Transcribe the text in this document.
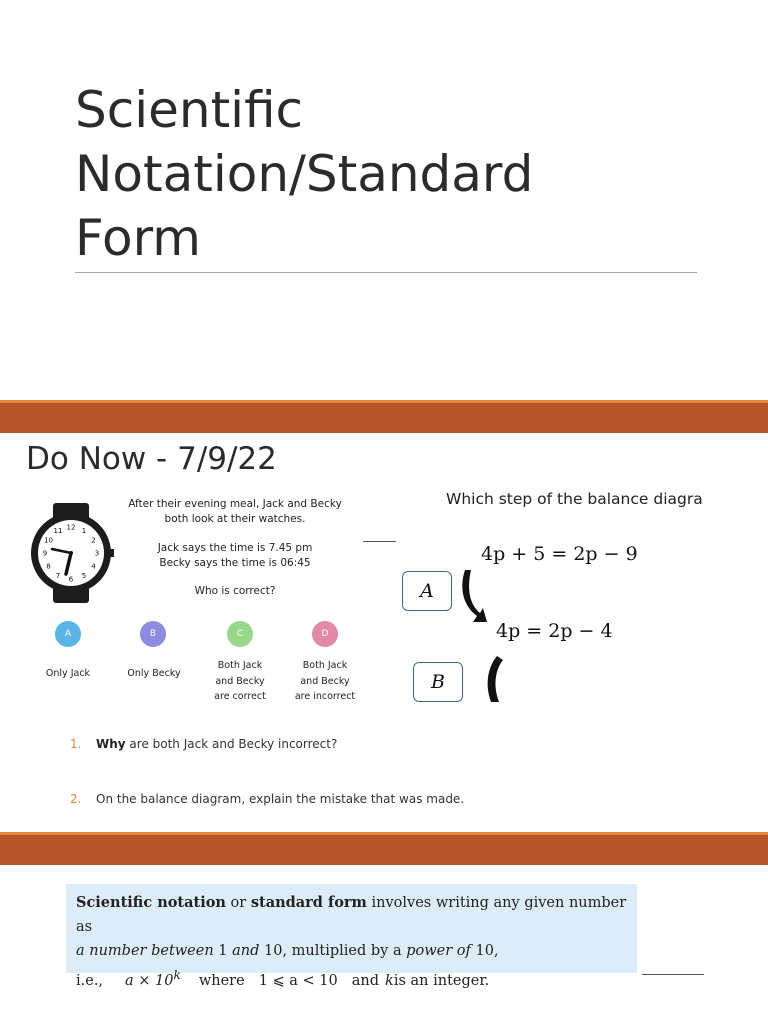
Scientific
Notation/Standard
Form
Do Now - 7/9/22
12 1
2
3
4
5
6
7
8
9
10
11
After their evening meal, Jack and Becky
both look at their watches.
Jack says the time is 7.45 pm
Becky says the time is 06:45
Who is correct?
A	B	C	D
Only Jack	Only Becky
Both Jack
and Becky
are correct
Both Jack
and Becky
are incorrect
Which step of the balance diagra
4p + 5 = 2p − 9
4p = 2p − 4
A
B
1. Why are both Jack and Becky incorrect?
2. On the balance diagram, explain the mistake that was made.
Scientific notation or standard form involves writing any given number as
a number between 1 and 10, multiplied by a power of 10,
i.e., $a \times 10^k$ where 1 ⩽ a < 10 and kis an integer.
